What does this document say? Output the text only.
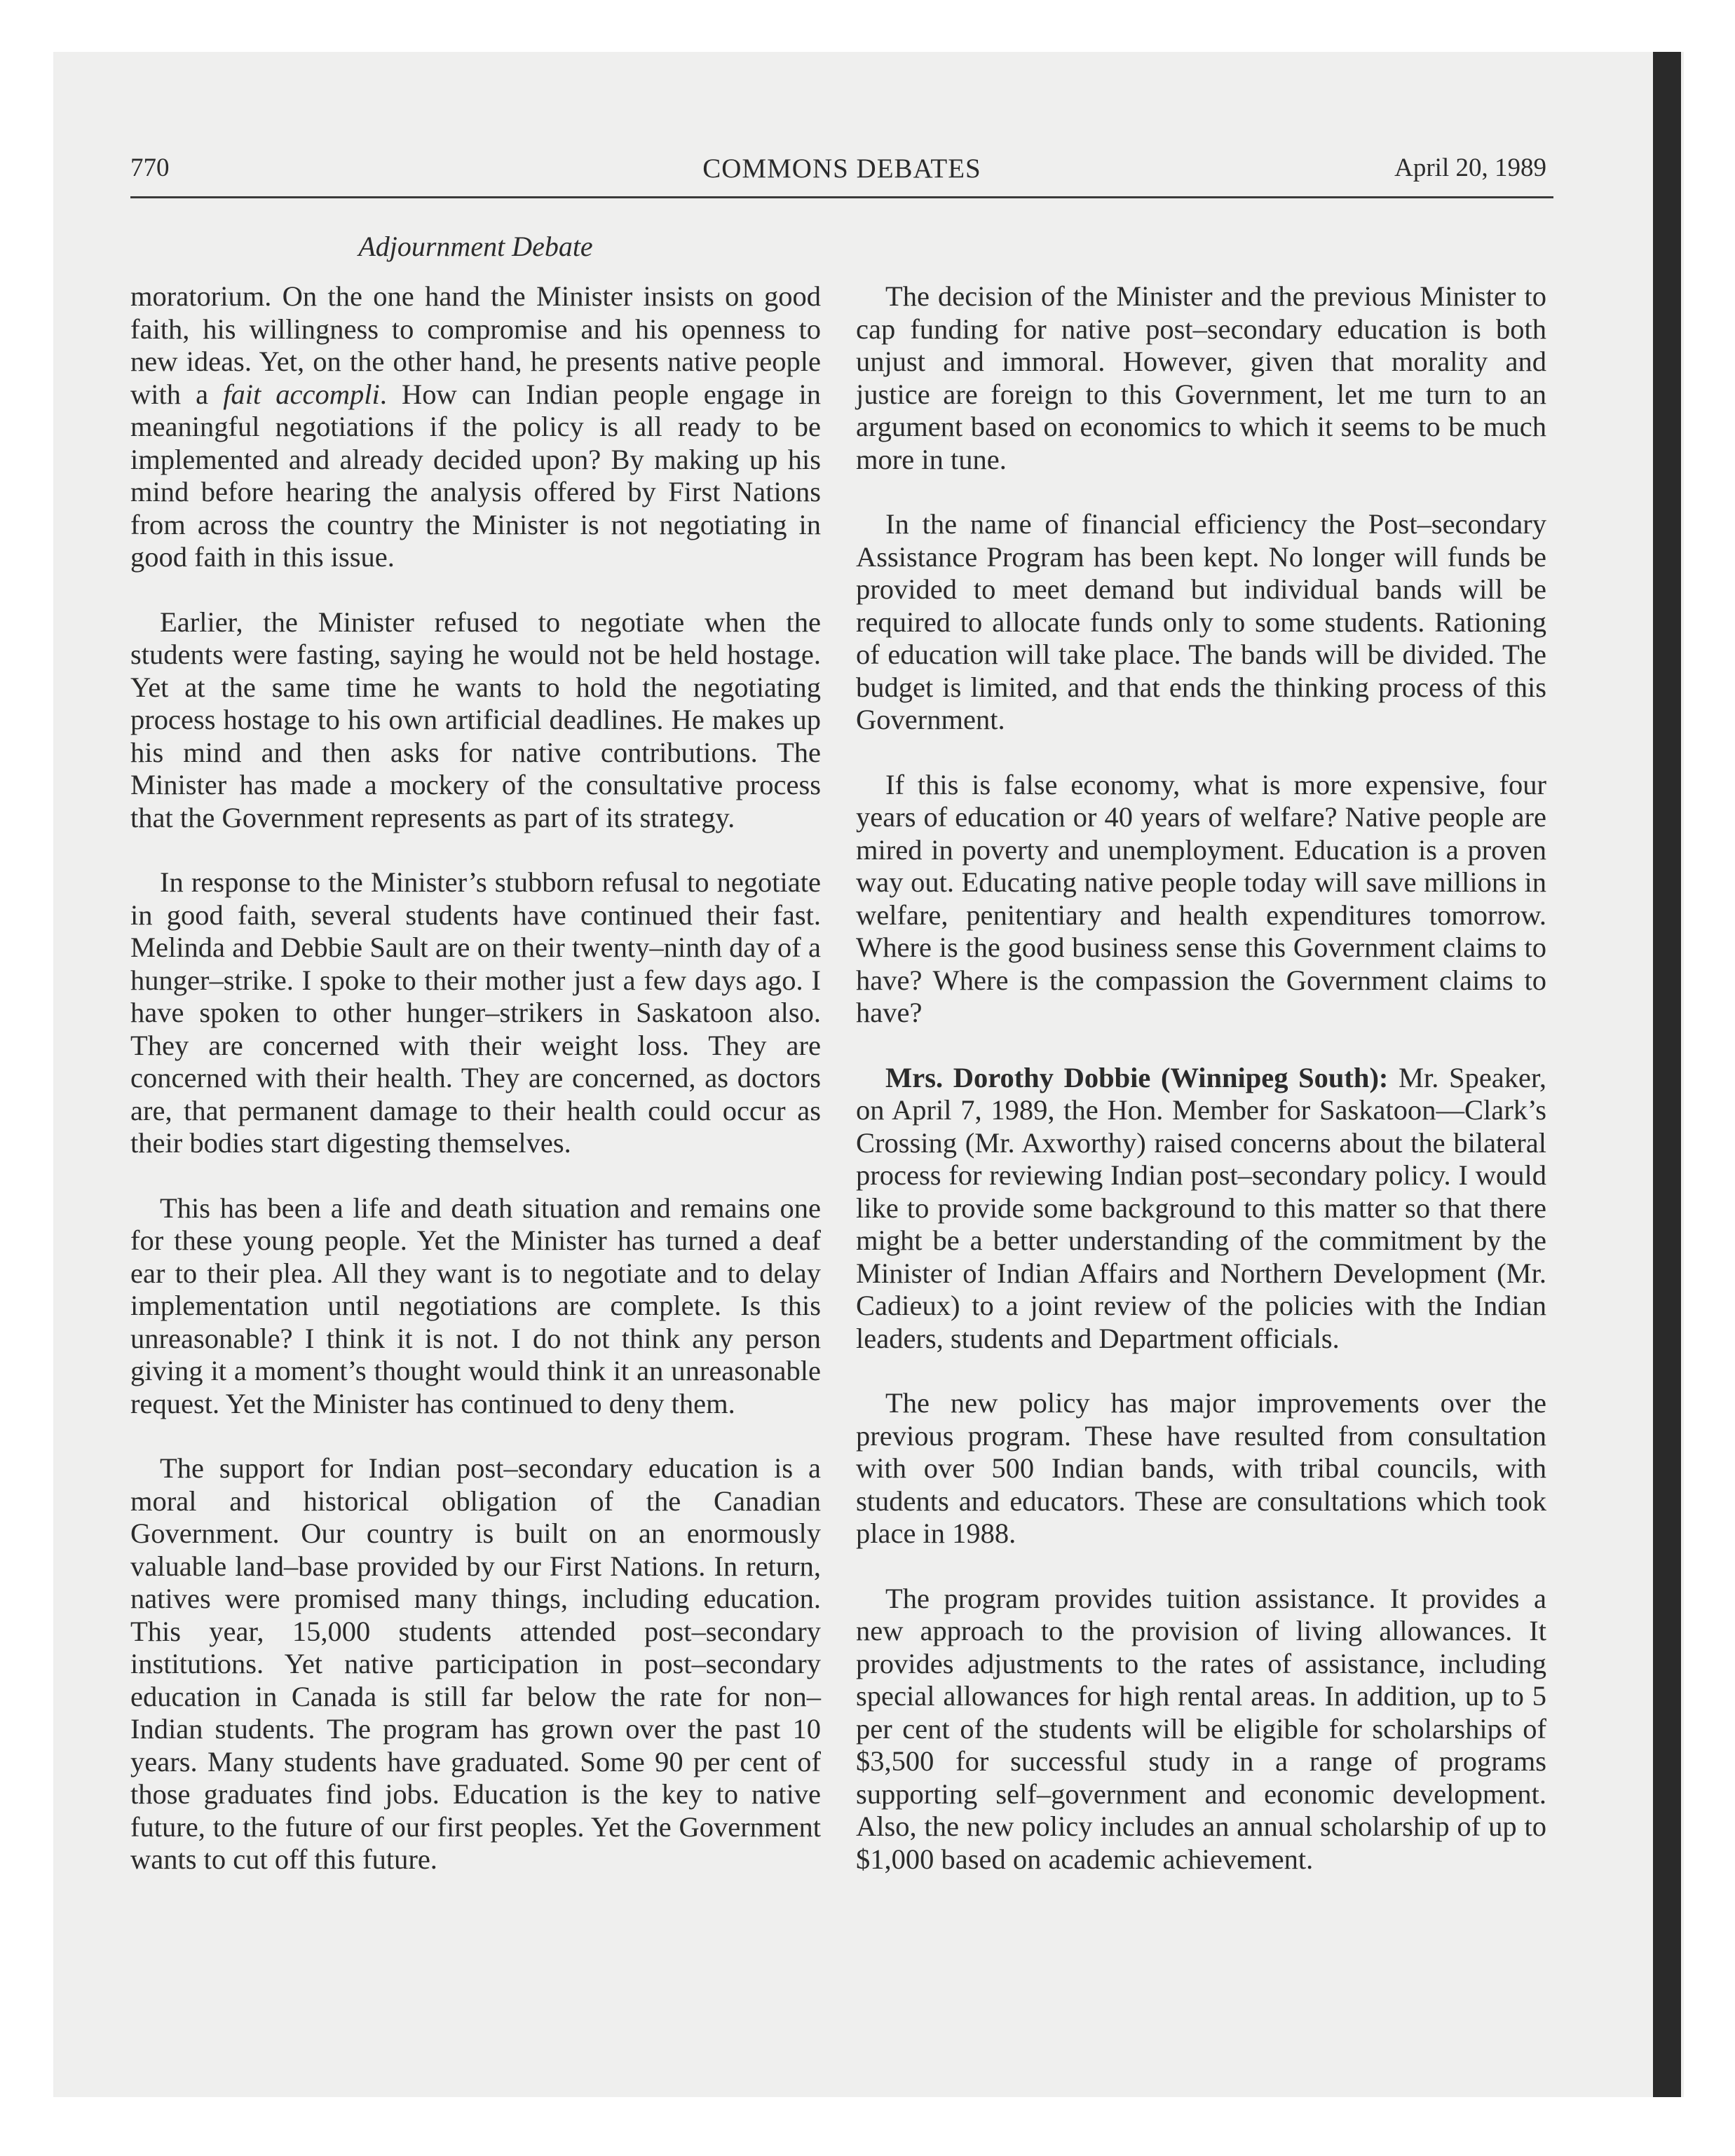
770	COMMONS DEBATES	April 20, 1989
Adjournment Debate

moratorium. On the one hand the Minister insists on good faith, his willingness to compromise and his openness to new ideas. Yet, on the other hand, he presents native people with a fait accompli. How can Indian people engage in meaningful negotiations if the policy is all ready to be implemented and already decided upon? By making up his mind before hearing the analysis offered by First Nations from across the country the Minister is not negotiating in good faith in this issue.

Earlier, the Minister refused to negotiate when the students were fasting, saying he would not be held hostage. Yet at the same time he wants to hold the negotiating process hostage to his own artificial deadlines. He makes up his mind and then asks for native contributions. The Minister has made a mockery of the consultative process that the Government represents as part of its strategy.

In response to the Minister’s stubborn refusal to negotiate in good faith, several students have continued their fast. Melinda and Debbie Sault are on their twenty–ninth day of a hunger–strike. I spoke to their mother just a few days ago. I have spoken to other hunger–strikers in Saskatoon also. They are concerned with their weight loss. They are concerned with their health. They are concerned, as doctors are, that permanent damage to their health could occur as their bodies start digesting themselves.

This has been a life and death situation and remains one for these young people. Yet the Minister has turned a deaf ear to their plea. All they want is to negotiate and to delay implementation until negotiations are complete. Is this unreasonable? I think it is not. I do not think any person giving it a moment’s thought would think it an unreasonable request. Yet the Minister has continued to deny them.

The support for Indian post–secondary education is a moral and historical obligation of the Canadian Government. Our country is built on an enormously valuable land–base provided by our First Nations. In return, natives were promised many things, including education. This year, 15,000 students attended post–secondary institutions. Yet native participation in post–secondary education in Canada is still far below the rate for non–Indian students. The program has grown over the past 10 years. Many students have graduated. Some 90 per cent of those graduates find jobs. Education is the key to native future, to the future of our first peoples. Yet the Government wants to cut off this future.

The decision of the Minister and the previous Minister to cap funding for native post–secondary education is both unjust and immoral. However, given that morality and justice are foreign to this Government, let me turn to an argument based on economics to which it seems to be much more in tune.

In the name of financial efficiency the Post–secondary Assistance Program has been kept. No longer will funds be provided to meet demand but individual bands will be required to allocate funds only to some students. Rationing of education will take place. The bands will be divided. The budget is limited, and that ends the thinking process of this Government.

If this is false economy, what is more expensive, four years of education or 40 years of welfare? Native people are mired in poverty and unemployment. Education is a proven way out. Educating native people today will save millions in welfare, penitentiary and health expenditures tomorrow. Where is the good business sense this Government claims to have? Where is the compassion the Government claims to have?

Mrs. Dorothy Dobbie (Winnipeg South): Mr. Speaker, on April 7, 1989, the Hon. Member for Saskatoon—Clark’s Crossing (Mr. Axworthy) raised concerns about the bilateral process for reviewing Indian post–secondary policy. I would like to provide some background to this matter so that there might be a better understanding of the commitment by the Minister of Indian Affairs and Northern Development (Mr. Cadieux) to a joint review of the policies with the Indian leaders, students and Department officials.

The new policy has major improvements over the previous program. These have resulted from consultation with over 500 Indian bands, with tribal councils, with students and educators. These are consultations which took place in 1988.

The program provides tuition assistance. It provides a new approach to the provision of living allowances. It provides adjustments to the rates of assistance, including special allowances for high rental areas. In addition, up to 5 per cent of the students will be eligible for scholarships of $3,500 for successful study in a range of programs supporting self–government and economic development. Also, the new policy includes an annual scholarship of up to $1,000 based on academic achievement.
